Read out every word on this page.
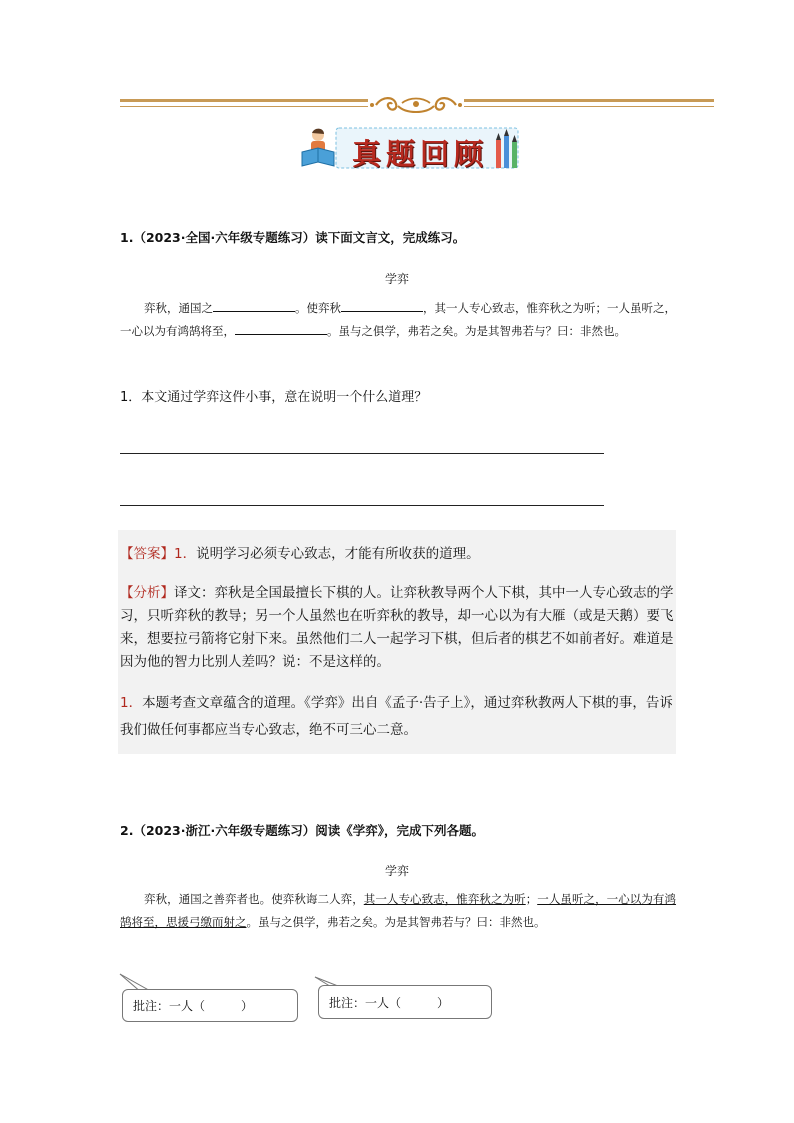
真题回顾
1.（2023·全国·六年级专题练习）读下面文言文，完成练习。
学弈
弈秋，通国之	。使弈秋	，其一人专心致志，惟弈秋之为听；一人虽听之，一心以为有鸿鹄将至，	。虽与之俱学，弗若之矣。为是其智弗若与？曰：非然也。
1．本文通过学弈这件小事，意在说明一个什么道理？
【答案】1．说明学习必须专心致志，才能有所收获的道理。
【分析】译文：弈秋是全国最擅长下棋的人。让弈秋教导两个人下棋，其中一人专心致志的学习，只听弈秋的教导；另一个人虽然也在听弈秋的教导，却一心以为有大雁（或是天鹅）要飞来，想要拉弓箭将它射下来。虽然他们二人一起学习下棋，但后者的棋艺不如前者好。难道是因为他的智力比别人差吗？说：不是这样的。
1．本题考查文章蕴含的道理。《学弈》出自《孟子·告子上》，通过弈秋教两人下棋的事，告诉我们做任何事都应当专心致志，绝不可三心二意。
2.（2023·浙江·六年级专题练习）阅读《学弈》，完成下列各题。
学弈
弈秋，通国之善弈者也。使弈秋诲二人弈，其一人专心致志，惟弈秋之为听；一人虽听之，一心以为有鸿鹄将至，思援弓缴而射之。虽与之俱学，弗若之矣。为是其智弗若与？曰：非然也。
批注：一人（　　　）	批注：一人（　　　）
